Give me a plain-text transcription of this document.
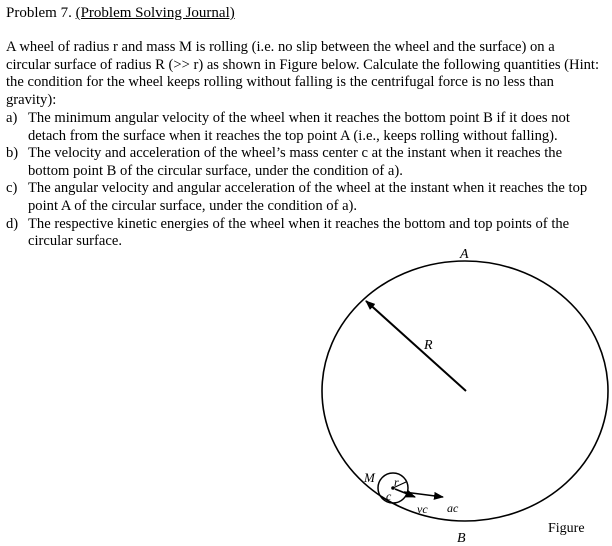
Problem 7. (Problem Solving Journal)
A wheel of radius r and mass M is rolling (i.e. no slip between the wheel and the surface) on a circular surface of radius R (>> r) as shown in Figure below. Calculate the following quantities (Hint: the condition for the wheel keeps rolling without falling is the centrifugal force is no less than gravity):
a) The minimum angular velocity of the wheel when it reaches the bottom point B if it does not detach from the surface when it reaches the top point A (i.e., keeps rolling without falling).
b) The velocity and acceleration of the wheel’s mass center c at the instant when it reaches the bottom point B of the circular surface, under the condition of a).
c) The angular velocity and angular acceleration of the wheel at the instant when it reaches the top point A of the circular surface, under the condition of a).
d) The respective kinetic energies of the wheel when it reaches the bottom and top points of the circular surface.
R
A
B
M r
c
vc ac
Figure
